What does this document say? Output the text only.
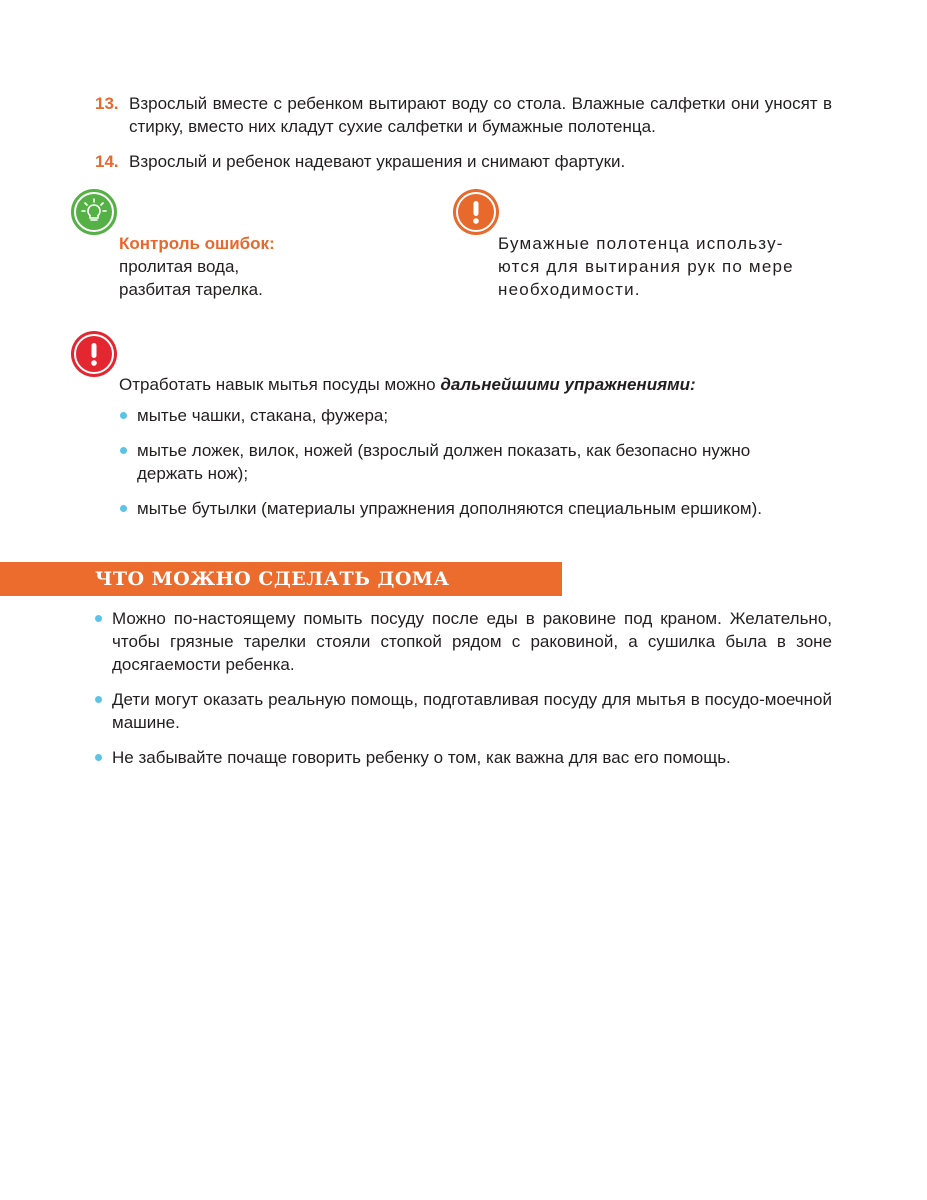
13. Взрослый вместе с ребенком вытирают воду со стола. Влажные салфетки они уносят в стирку, вместо них кладут сухие салфетки и бумажные полотенца.
14. Взрослый и ребенок надевают украшения и снимают фартуки.
Контроль ошибок:
пролитая вода,
разбитая тарелка.
Бумажные полотенца использу-
ются для вытирания рук по мере
необходимости.
Отработать навык мытья посуды можно дальнейшими упражнениями:
мытье чашки, стакана, фужера;
мытье ложек, вилок, ножей (взрослый должен показать, как безопасно нужно держать нож);
мытье бутылки (материалы упражнения дополняются специальным ершиком).
ЧТО МОЖНО СДЕЛАТЬ ДОМА
Можно по-настоящему помыть посуду после еды в раковине под краном. Желательно, чтобы грязные тарелки стояли стопкой рядом с раковиной, а сушилка была в зоне досягаемости ребенка.
Дети могут оказать реальную помощь, подготавливая посуду для мытья в посудо-моечной машине.
Не забывайте почаще говорить ребенку о том, как важна для вас его помощь.
